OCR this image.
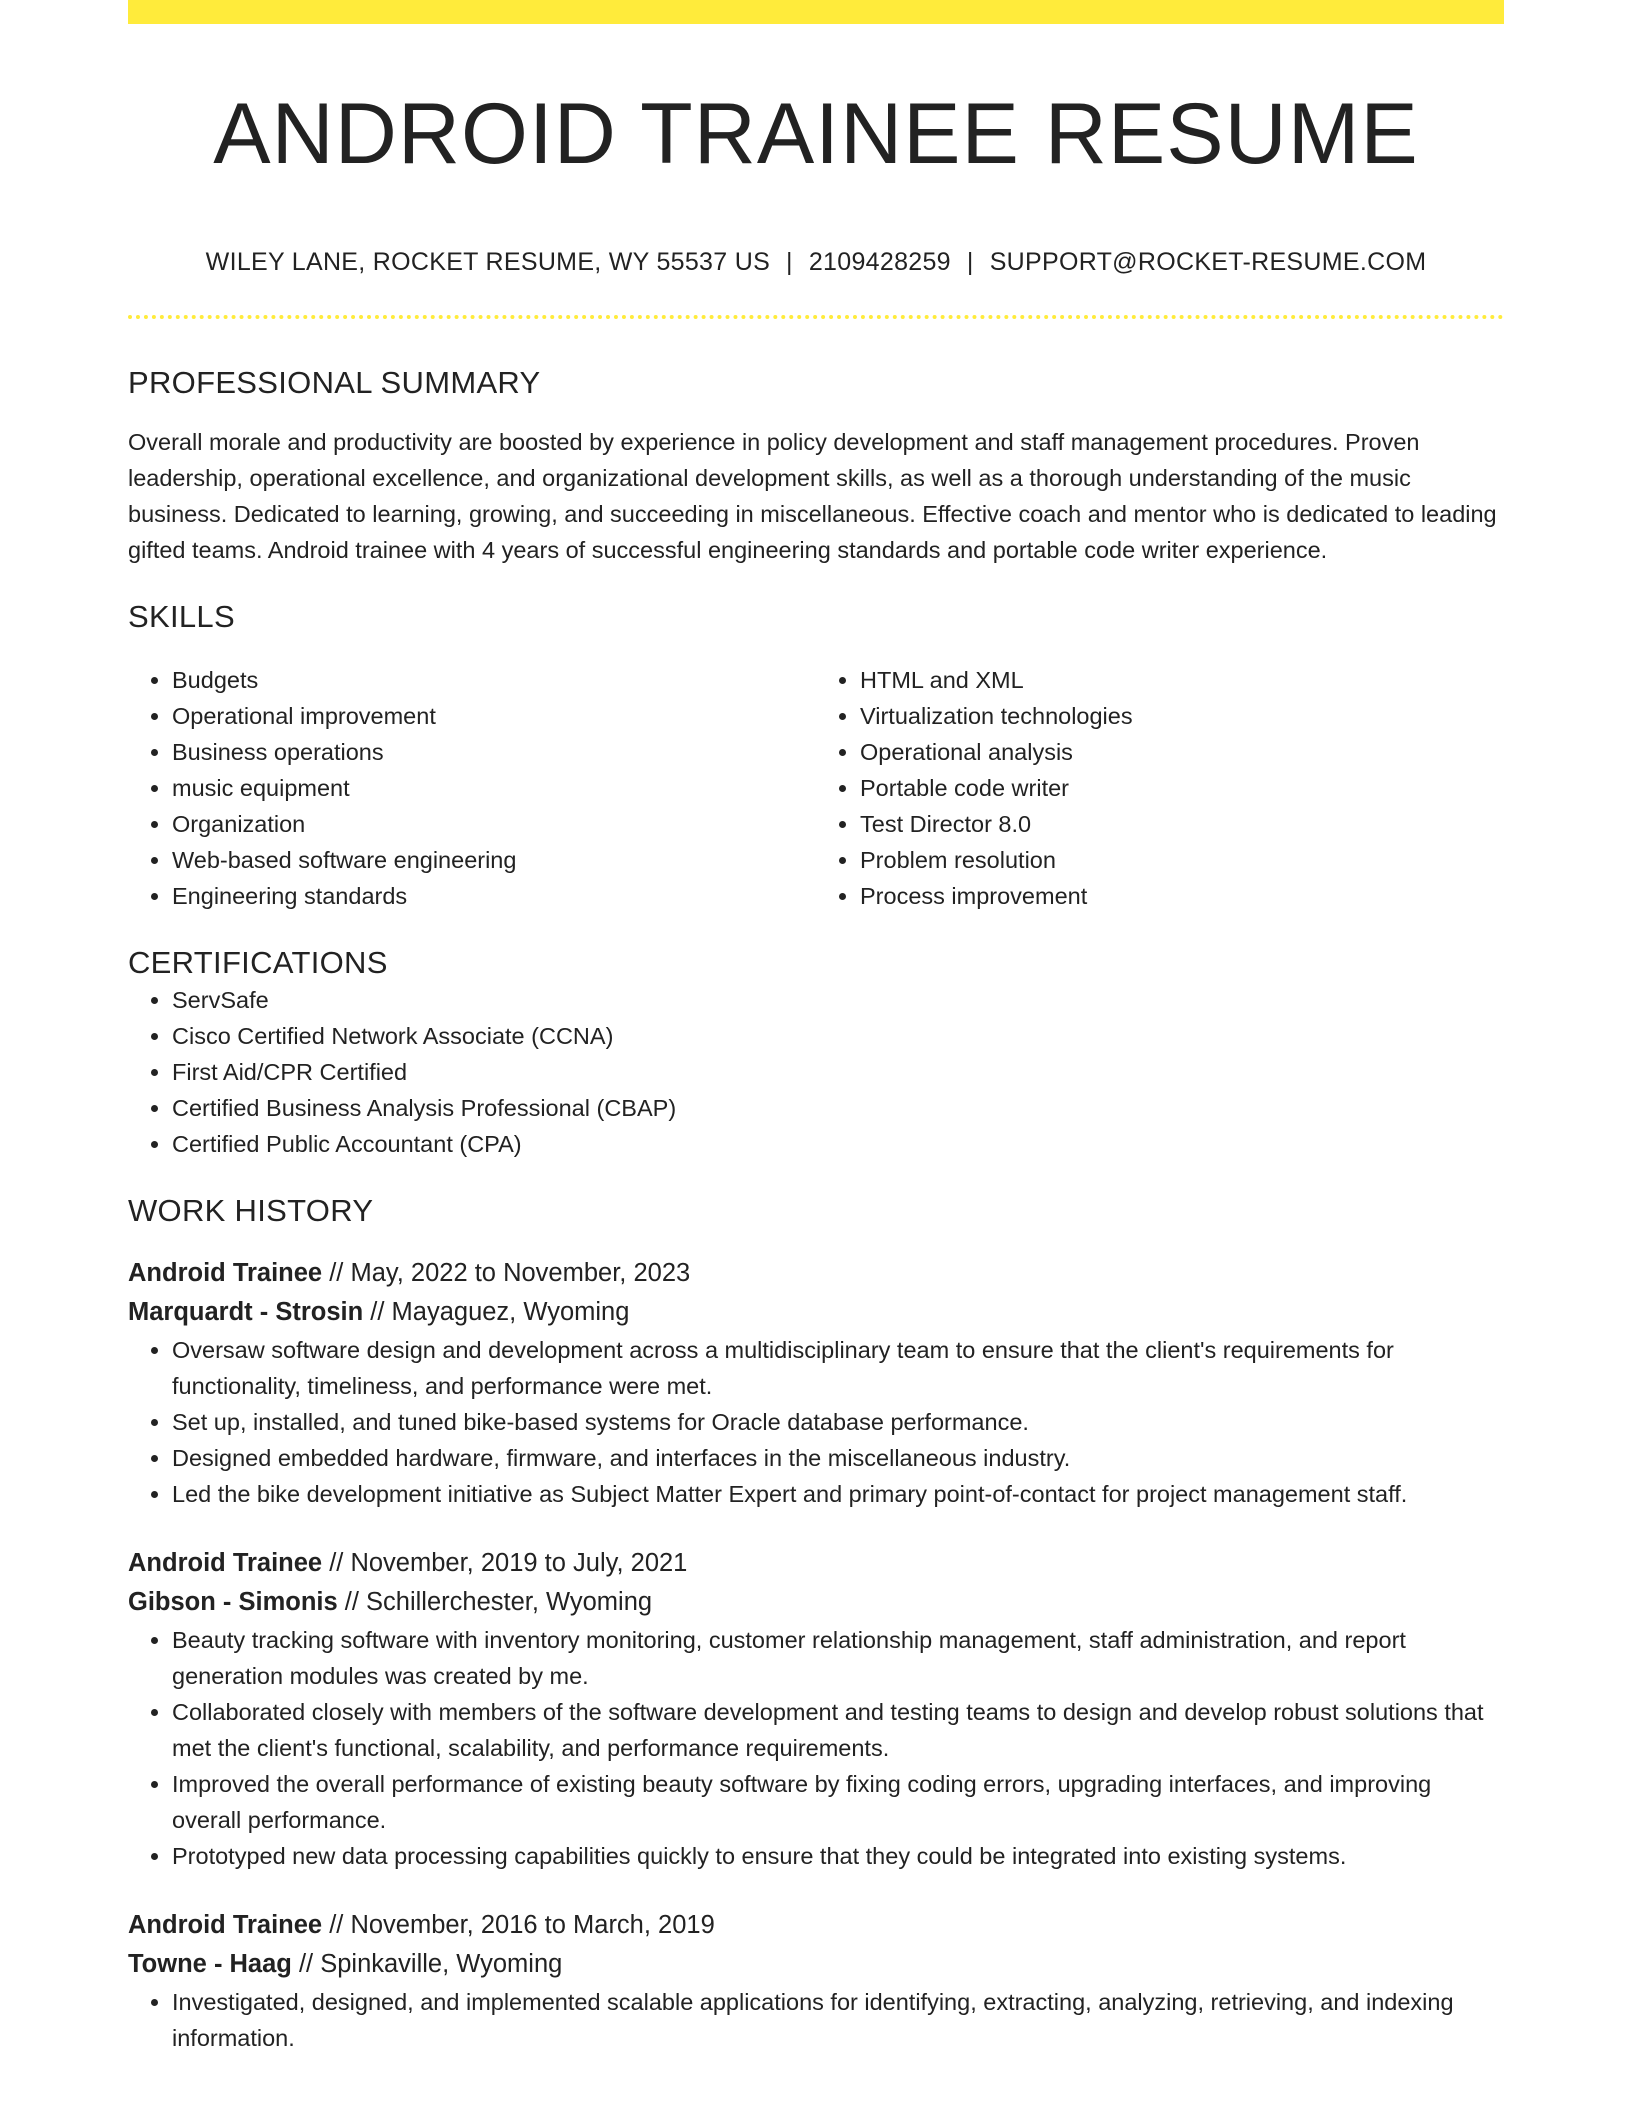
ANDROID TRAINEE RESUME
WILEY LANE, ROCKET RESUME, WY 55537 US | 2109428259 | SUPPORT@ROCKET-RESUME.COM
PROFESSIONAL SUMMARY
Overall morale and productivity are boosted by experience in policy development and staff management procedures. Proven leadership, operational excellence, and organizational development skills, as well as a thorough understanding of the music business. Dedicated to learning, growing, and succeeding in miscellaneous. Effective coach and mentor who is dedicated to leading gifted teams. Android trainee with 4 years of successful engineering standards and portable code writer experience.
SKILLS
• Budgets
• Operational improvement
• Business operations
• music equipment
• Organization
• Web-based software engineering
• Engineering standards
• HTML and XML
• Virtualization technologies
• Operational analysis
• Portable code writer
• Test Director 8.0
• Problem resolution
• Process improvement
CERTIFICATIONS
• ServSafe
• Cisco Certified Network Associate (CCNA)
• First Aid/CPR Certified
• Certified Business Analysis Professional (CBAP)
• Certified Public Accountant (CPA)
WORK HISTORY
Android Trainee // May, 2022 to November, 2023
Marquardt - Strosin // Mayaguez, Wyoming
• Oversaw software design and development across a multidisciplinary team to ensure that the client's requirements for functionality, timeliness, and performance were met.
• Set up, installed, and tuned bike-based systems for Oracle database performance.
• Designed embedded hardware, firmware, and interfaces in the miscellaneous industry.
• Led the bike development initiative as Subject Matter Expert and primary point-of-contact for project management staff.
Android Trainee // November, 2019 to July, 2021
Gibson - Simonis // Schillerchester, Wyoming
• Beauty tracking software with inventory monitoring, customer relationship management, staff administration, and report generation modules was created by me.
• Collaborated closely with members of the software development and testing teams to design and develop robust solutions that met the client's functional, scalability, and performance requirements.
• Improved the overall performance of existing beauty software by fixing coding errors, upgrading interfaces, and improving overall performance.
• Prototyped new data processing capabilities quickly to ensure that they could be integrated into existing systems.
Android Trainee // November, 2016 to March, 2019
Towne - Haag // Spinkaville, Wyoming
• Investigated, designed, and implemented scalable applications for identifying, extracting, analyzing, retrieving, and indexing information.
